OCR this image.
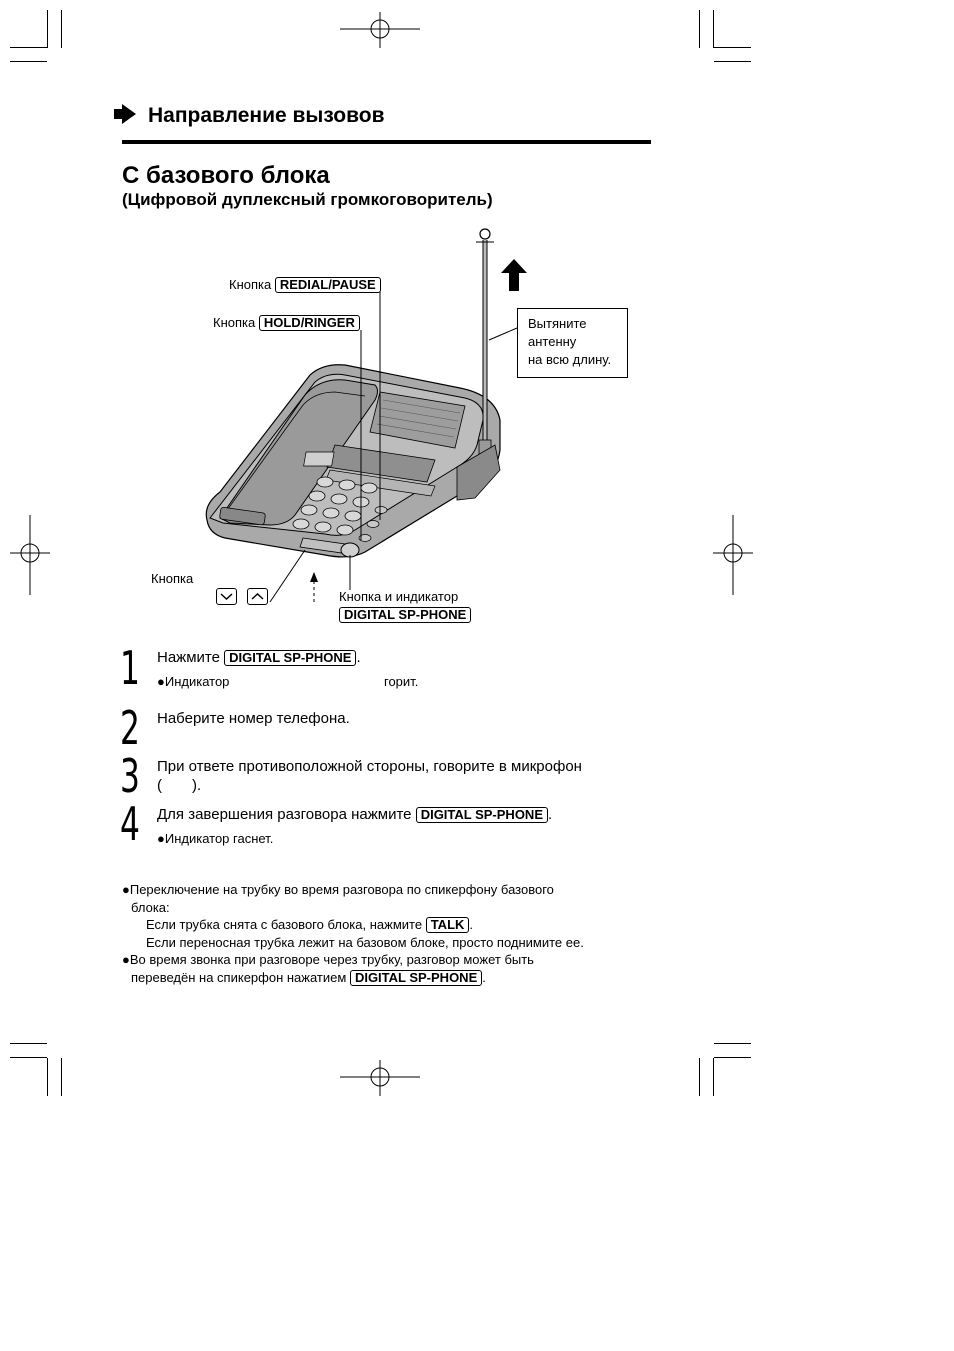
Направление вызовов
С базового блока
(Цифровой дуплексный громкоговоритель)
Кнопка REDIAL/PAUSE
Кнопка HOLD/RINGER	Вытяните
антенну
на всю длину.
Кнопка

Кнопка и индикатор
DIGITAL SP-PHONE
1 Нажмите DIGITAL SP-PHONE .
●Индикатор	горит.
2 Наберите номер телефона.
3 При ответе противоположной стороны, говорите в микрофон
( ).
4 Для завершения разговора нажмите DIGITAL SP-PHONE .
●Индикатор гаснет.
●Переключение на трубку во время разговора по спикерфону базового
блока:
Если трубка снята с базового блока, нажмите TALK .
Если переносная трубка лежит на базовом блоке, просто поднимите ее.
●Во время звонка при разговоре через трубку, разговор может быть
переведён на спикерфон нажатием DIGITAL SP-PHONE .
